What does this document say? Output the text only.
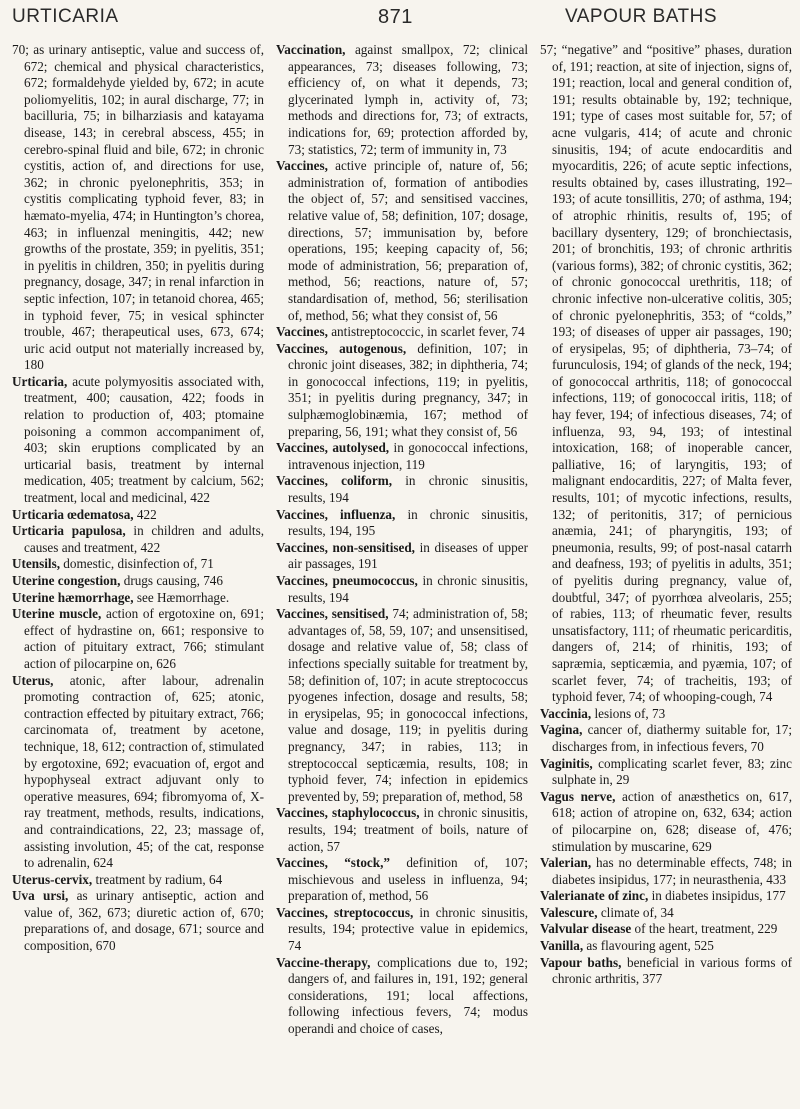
URTICARIA	871	VAPOUR BATHS

70; as urinary antiseptic, value and success of, 672; chemical and physical characteristics, 672; formaldehyde yielded by, 672; in acute poliomyelitis, 102; in aural discharge, 77; in bacilluria, 75; in bilharziasis and katayama disease, 143; in cerebral abscess, 455; in cerebro-spinal fluid and bile, 672; in chronic cystitis, action of, and directions for use, 362; in chronic pyelonephritis, 353; in cystitis complicating typhoid fever, 83; in hæmato-myelia, 474; in Huntington’s chorea, 463; in influenzal meningitis, 442; new growths of the prostate, 359; in pyelitis, 351; in pyelitis in children, 350; in pyelitis during pregnancy, dosage, 347; in renal infarction in septic infection, 107; in tetanoid chorea, 465; in typhoid fever, 75; in vesical sphincter trouble, 467; therapeutical uses, 673, 674; uric acid output not materially increased by, 180

Urticaria, acute polymyositis associated with, treatment, 400; causation, 422; foods in relation to production of, 403; ptomaine poisoning a common accompaniment of, 403; skin eruptions complicated by an urticarial basis, treatment by internal medication, 405; treatment by calcium, 562; treatment, local and medicinal, 422

Urticaria œdematosa, 422

Urticaria papulosa, in children and adults, causes and treatment, 422

Utensils, domestic, disinfection of, 71

Uterine congestion, drugs causing, 746

Uterine hæmorrhage, see Hæmorrhage.

Uterine muscle, action of ergotoxine on, 691; effect of hydrastine on, 661; responsive to action of pituitary extract, 766; stimulant action of pilocarpine on, 626

Uterus, atonic, after labour, adrenalin promoting contraction of, 625; atonic, contraction effected by pituitary extract, 766; carcinomata of, treatment by acetone, technique, 18, 612; contraction of, stimulated by ergotoxine, 692; evacuation of, ergot and hypophyseal extract adjuvant only to operative measures, 694; fibromyoma of, X-ray treatment, methods, results, indications, and contraindications, 22, 23; massage of, assisting involution, 45; of the cat, response to adrenalin, 624

Uterus-cervix, treatment by radium, 64

Uva ursi, as urinary antiseptic, action and value of, 362, 673; diuretic action of, 670; preparations of, and dosage, 671; source and composition, 670

Vaccination, against smallpox, 72; clinical appearances, 73; diseases following, 73; efficiency of, on what it depends, 73; glycerinated lymph in, activity of, 73; methods and directions for, 73; of extracts, indications for, 69; protection afforded by, 73; statistics, 72; term of immunity in, 73

Vaccines, active principle of, nature of, 56; administration of, formation of antibodies the object of, 57; and sensitised vaccines, relative value of, 58; definition, 107; dosage, directions, 57; immunisation by, before operations, 195; keeping capacity of, 56; mode of administration, 56; preparation of, method, 56; reactions, nature of, 57; standardisation of, method, 56; sterilisation of, method, 56; what they consist of, 56

Vaccines, antistreptococcic, in scarlet fever, 74

Vaccines, autogenous, definition, 107; in chronic joint diseases, 382; in diphtheria, 74; in gonococcal infections, 119; in pyelitis, 351; in pyelitis during pregnancy, 347; in sulphæmoglobinæmia, 167; method of preparing, 56, 191; what they consist of, 56

Vaccines, autolysed, in gonococcal infections, intravenous injection, 119

Vaccines, coliform, in chronic sinusitis, results, 194

Vaccines, influenza, in chronic sinusitis, results, 194, 195

Vaccines, non-sensitised, in diseases of upper air passages, 191

Vaccines, pneumococcus, in chronic sinusitis, results, 194

Vaccines, sensitised, 74; administration of, 58; advantages of, 58, 59, 107; and unsensitised, dosage and relative value of, 58; class of infections specially suitable for treatment by, 58; definition of, 107; in acute streptococcus pyogenes infection, dosage and results, 58; in erysipelas, 95; in gonococcal infections, value and dosage, 119; in pyelitis during pregnancy, 347; in rabies, 113; in streptococcal septicæmia, results, 108; in typhoid fever, 74; infection in epidemics prevented by, 59; preparation of, method, 58

Vaccines, staphylococcus, in chronic sinusitis, results, 194; treatment of boils, nature of action, 57

Vaccines, “stock,” definition of, 107; mischievous and useless in influenza, 94; preparation of, method, 56

Vaccines, streptococcus, in chronic sinusitis, results, 194; protective value in epidemics, 74

Vaccine-therapy, complications due to, 192; dangers of, and failures in, 191, 192; general considerations, 191; local affections, following infectious fevers, 74; modus operandi and choice of cases,

57; “negative” and “positive” phases, duration of, 191; reaction, at site of injection, signs of, 191; reaction, local and general condition of, 191; results obtainable by, 192; technique, 191; type of cases most suitable for, 57; of acne vulgaris, 414; of acute and chronic sinusitis, 194; of acute endocarditis and myocarditis, 226; of acute septic infections, results obtained by, cases illustrating, 192–193; of acute tonsillitis, 270; of asthma, 194; of atrophic rhinitis, results of, 195; of bacillary dysentery, 129; of bronchiectasis, 201; of bronchitis, 193; of chronic arthritis (various forms), 382; of chronic cystitis, 362; of chronic gonococcal urethritis, 118; of chronic infective non-ulcerative colitis, 305; of chronic pyelonephritis, 353; of “colds,” 193; of diseases of upper air passages, 190; of erysipelas, 95; of diphtheria, 73–74; of furunculosis, 194; of glands of the neck, 194; of gonococcal arthritis, 118; of gonococcal infections, 119; of gonococcal iritis, 118; of hay fever, 194; of infectious diseases, 74; of influenza, 93, 94, 193; of intestinal intoxication, 168; of inoperable cancer, palliative, 16; of laryngitis, 193; of malignant endocarditis, 227; of Malta fever, results, 101; of mycotic infections, results, 132; of peritonitis, 317; of pernicious anæmia, 241; of pharyngitis, 193; of pneumonia, results, 99; of post-nasal catarrh and deafness, 193; of pyelitis in adults, 351; of pyelitis during pregnancy, value of, doubtful, 347; of pyorrhœa alveolaris, 255; of rabies, 113; of rheumatic fever, results unsatisfactory, 111; of rheumatic pericarditis, dangers of, 214; of rhinitis, 193; of sapræmia, septicæmia, and pyæmia, 107; of scarlet fever, 74; of tracheitis, 193; of typhoid fever, 74; of whooping-cough, 74

Vaccinia, lesions of, 73

Vagina, cancer of, diathermy suitable for, 17; discharges from, in infectious fevers, 70

Vaginitis, complicating scarlet fever, 83; zinc sulphate in, 29

Vagus nerve, action of anæsthetics on, 617, 618; action of atropine on, 632, 634; action of pilocarpine on, 628; disease of, 476; stimulation by muscarine, 629

Valerian, has no determinable effects, 748; in diabetes insipidus, 177; in neurasthenia, 433

Valerianate of zinc, in diabetes insipidus, 177

Valescure, climate of, 34

Valvular disease of the heart, treatment, 229

Vanilla, as flavouring agent, 525

Vapour baths, beneficial in various forms of chronic arthritis, 377
